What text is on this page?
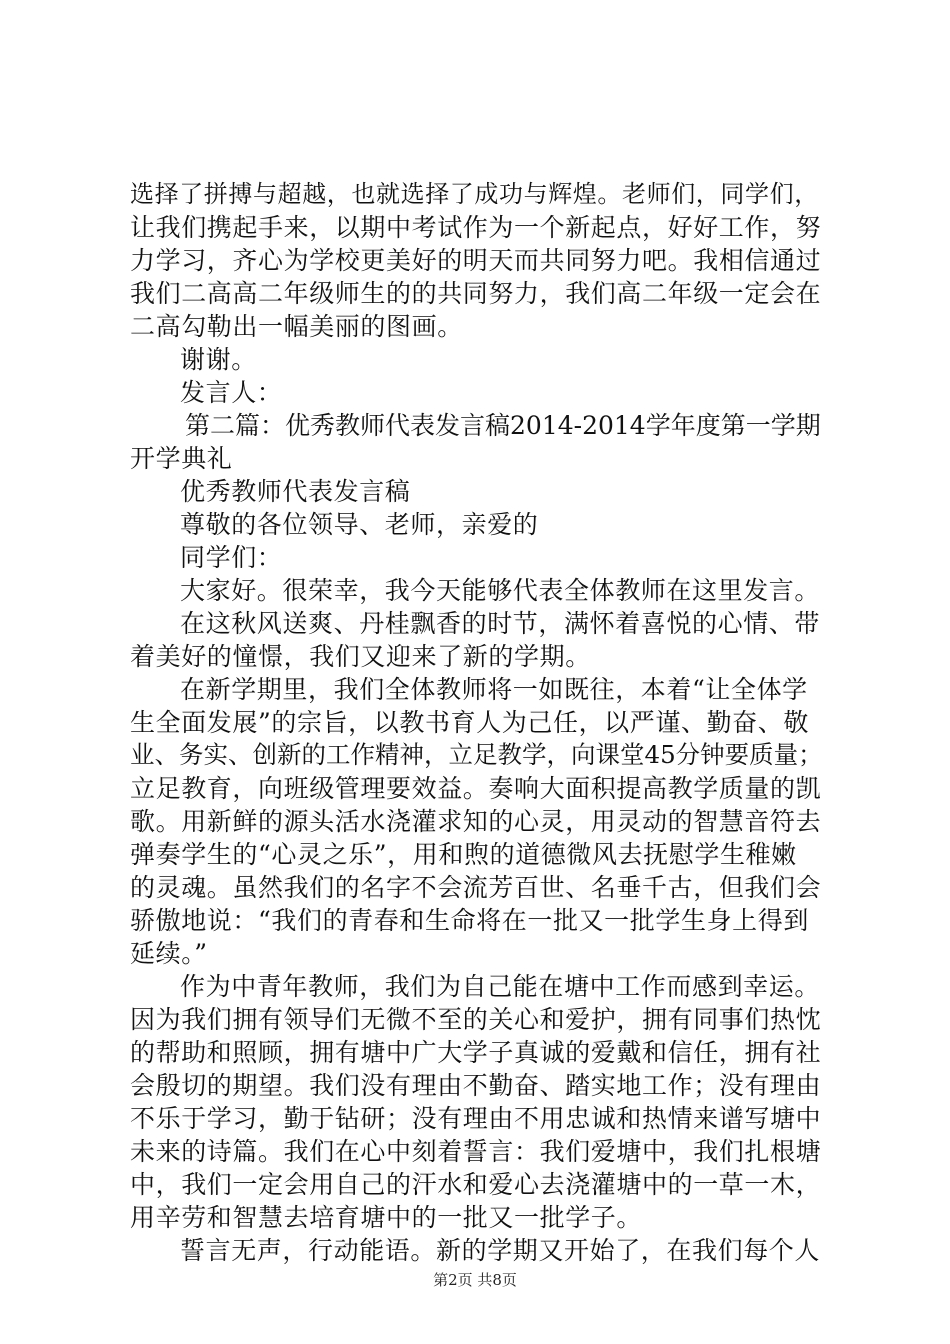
选择了拼搏与超越，也就选择了成功与辉煌。老师们，同学们，
让我们携起手来，以期中考试作为一个新起点，好好工作，努
力学习，齐心为学校更美好的明天而共同努力吧。我相信通过
我们二高高二年级师生的的共同努力，我们高二年级一定会在
二高勾勒出一幅美丽的图画。
谢谢。
发言人：
第二篇：优秀教师代表发言稿2014-2014学年度第一学期
开学典礼
优秀教师代表发言稿
尊敬的各位领导、老师，亲爱的
同学们：
大家好。很荣幸，我今天能够代表全体教师在这里发言。
在这秋风送爽、丹桂飘香的时节，满怀着喜悦的心情、带
着美好的憧憬，我们又迎来了新的学期。
在新学期里，我们全体教师将一如既往，本着“让全体学
生全面发展”的宗旨，以教书育人为己任，以严谨、勤奋、敬
业、务实、创新的工作精神，立足教学，向课堂45分钟要质量；
立足教育，向班级管理要效益。奏响大面积提高教学质量的凯
歌。用新鲜的源头活水浇灌求知的心灵，用灵动的智慧音符去
弹奏学生的“心灵之乐”，用和煦的道德微风去抚慰学生稚嫩
的灵魂。虽然我们的名字不会流芳百世、名垂千古，但我们会
骄傲地说：“我们的青春和生命将在一批又一批学生身上得到
延续。”
作为中青年教师，我们为自己能在塘中工作而感到幸运。
因为我们拥有领导们无微不至的关心和爱护，拥有同事们热忱
的帮助和照顾，拥有塘中广大学子真诚的爱戴和信任，拥有社
会殷切的期望。我们没有理由不勤奋、踏实地工作；没有理由
不乐于学习，勤于钻研；没有理由不用忠诚和热情来谱写塘中
未来的诗篇。我们在心中刻着誓言：我们爱塘中，我们扎根塘
中，我们一定会用自己的汗水和爱心去浇灌塘中的一草一木，
用辛劳和智慧去培育塘中的一批又一批学子。
誓言无声，行动能语。新的学期又开始了，在我们每个人
第2页 共8页
